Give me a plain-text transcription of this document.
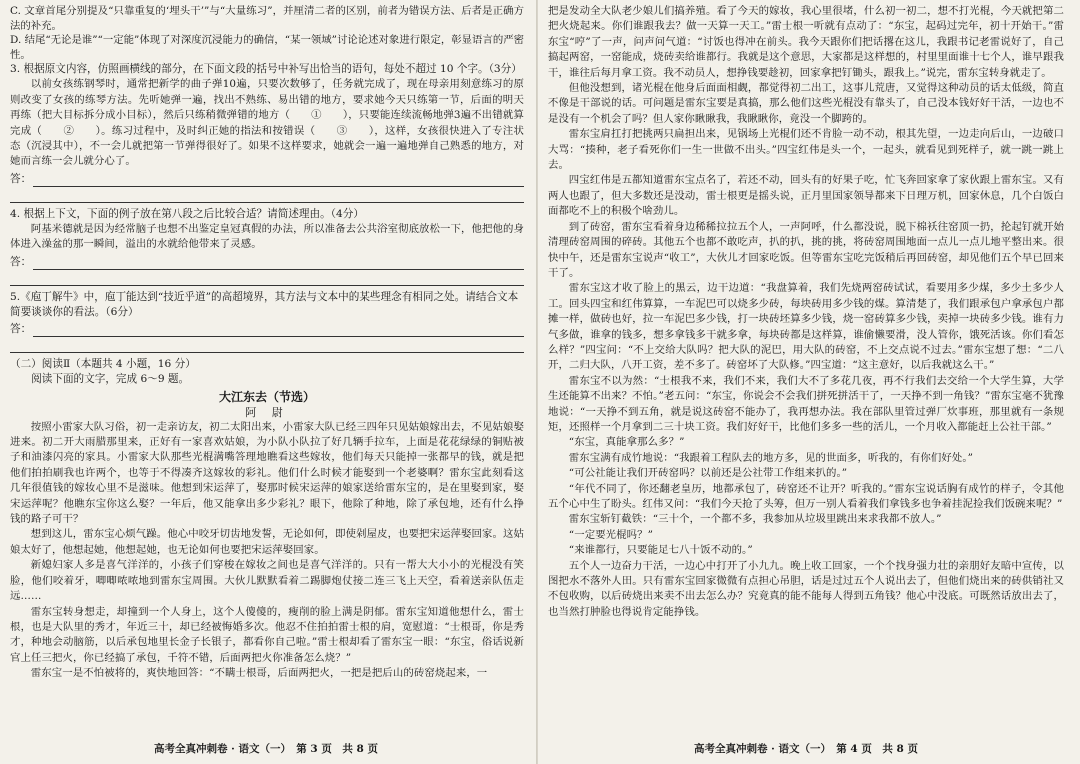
C. 文章首尾分别提及“只靠重复的‘埋头干’”与“大量练习”，并厘清二者的区别，前者为错误方法、后者是正确方法的补充。

D. 结尾“无论是谁”“一定能”体现了对深度沉浸能力的确信，“某一领域”讨论论述对象进行限定，彰显语言的严密性。

3. 根据原文内容，仿照画横线的部分，在下面文段的括号中补写出恰当的语句，每处不超过 10 个字。（3分）

以前女孩练钢琴时，通常把新学的曲子弹10遍，只要次数够了，任务就完成了，现在母亲用刻意练习的原则改变了女孩的练琴方法。先听她弹一遍，找出不熟练、易出错的地方，要求她今天只练第一节，后面的明天再练（把大目标拆分成小目标），然后只练稍微弹错的地方（　　①　　），只要能连续流畅地弹3遍不出错就算完成（　　②　　）。练习过程中，及时纠正她的指法和按错误（　　③　　），这样，女孩很快进入了专注状态（沉浸其中），不一会儿就把第一节弹得很好了。如果不这样要求，她就会一遍一遍地弹自己熟悉的地方，对她而言练一会儿就分心了。

答：

4. 根据上下文，下面的例子放在第八段之后比较合适？请简述理由。（4分）

阿基米德就是因为经常脑子也想不出鉴定皇冠真假的办法，所以准备去公共浴室彻底放松一下，他把他的身体进入澡盆的那一瞬间，溢出的水就给他带来了灵感。

答：

5.《庖丁解牛》中，庖丁能达到“技近乎道”的高超境界，其方法与文本中的某些理念有相同之处。请结合文本简要谈谈你的看法。（6分）

答：

（二）阅读Ⅱ（本题共 4 小题，16 分）

阅读下面的文字，完成 6～9 题。

大江东去（节选）

阿 尉

按照小雷家大队习俗，初一走亲访友，初二太阳出来，小雷家大队已经三四年只见姑娘嫁出去，不见姑娘娶进来。初二开大雨腊那里来，正好有一家喜欢姑娘，为小队小队拉了好几辆手拉车，上面是花花绿绿的铜贴被子和油漆闪亮的家具。小雷家大队那些光棍满嘴答理地瞧看这些嫁妆，他们每天只能掉一张都早的钱，就是把他们拍拍刷我也许两个，也等于不得凑齐这嫁妆的彩礼。他们什么时候才能娶到一个老婆啊？雷东宝此刻看这几年很值钱的嫁妆心里不是滋味。他想到宋运萍了，娶那时候宋运萍的娘家送给雷东宝的，是在里娶到家，娶宋运萍呢？他瞧东宝你这么娶？一年后，他又能拿出多少彩礼？眼下，他除了种地，除了承包地，还有什么挣钱的路子可干？

想到这儿，雷东宝心烦气躁。他心中咬牙切齿地发誓，无论如何，即使剁屋皮，也要把宋运萍娶回家。这姑娘太好了，他想起她，他想起她，也无论如何也要把宋运萍娶回家。

新媳妇家人多是喜气洋洋的，小孩子们穿梭在嫁妆之间也是喜气洋洋的。只有一帮大大小小的光棍没有笑脸，他们咬着牙，唧唧哝哝地到雷东宝周围。大伙儿默默看着二踢脚炮仗接二连三飞上天空，看着送亲队伍走远……

雷东宝转身想走，却撞到一个人身上，这个人傻傻的，瘦削的脸上满是阴郁。雷东宝知道他想什么，雷士根，也是大队里的秀才，年近三十，却已经被悔婚多次。他忍不住拍拍雷士根的肩，宽慰道：“士根哥，你是秀才，种地会动脑筋，以后承包地里长金子长银子，都看你自己啦。”雷士根却看了雷东宝一眼：“东宝，俗话说新官上任三把火，你已经搞了承包，千符不错，后面两把火你准备怎么烧？”

雷东宝一是不怕被将的，爽快地回答：“不瞒士根哥，后面两把火，一把是把后山的砖窑烧起来，一

高考全真冲刺卷 · 语文（一）　第 3 页　共 8 页

把是发动全大队老少娘儿们搞养殖。看了今天的嫁妆，我心里很堵，什么初一初二，想不打光棍，今天就把第二把火烧起来。你们谁跟我去？做一天算一天工。”雷士根一听就有点动了：“东宝，起码过完年，初十开始干。”雷东宝“哼”了一声，问声问气道：“讨饭也得冲在前头。我今天跟你们把话撂在这儿，我跟书记老雷说好了，自己搞起两窑，一窑能成，烧砖卖给谁都行。我就是这个意思，大家都是这样想的，村里里面谁十七个人，谁早跟我干，谁往后每月拿工资。我不动员人，想挣钱要趁初，回家拿把钉锄头，跟我上。”说完，雷东宝转身就走了。

但他没想到，诸光棍在他身后面面相觑，都觉得初二出工，这事儿荒唐，又觉得这种动员的话太低级，简直不像是干部说的话。可问题是雷东宝要是真搞，那么他们这些光棍没有靠头了，自己没本钱好好干活，一边也不是没有一个机会了吗？但人家你瞅瞅我，我瞅瞅你，竟没一个脚跨的。

雷东宝肩扛打把挑两只扁担出来，见锅场上光棍们还不肯脸一动不动，根其先望，一边走向后山，一边破口大骂：“揍种，老子看死你们一生一世做不出头。”四宝红伟是头一个，一起头，就看见到死样子，就一跳一跳上去。

四宝红伟是五都知道雷东宝点名了，若还不动，回头有的好果子吃，忙飞奔回家拿了家伙跟上雷东宝。又有两人也跟了，但大多数还是没动，雷士根更是摇头说，正月里国家领导都来下日理万机，回家休息，几个白饭白面都吃不上的积极个啥劲儿。

到了砖窑，雷东宝看着身边稀稀拉拉五个人，一声阿呼，什么都没说，脱下棉袄往窑顶一扔，抡起钉就开始清理砖窑周围的碎砖。其他五个也都不敢吃声，扒的扒，挑的挑，将砖窑周围地面一点儿一点儿地平整出来。很快中午，还是雷东宝说声“收工”，大伙儿才回家吃饭。但等雷东宝吃完饭稍后再回砖窑，却见他们五个早已回来干了。

雷东宝这才收了脸上的黑云，边干边道：“我盘算着，我们先烧两窑砖试试，看要用多少煤，多少土多少人工。回头四宝和红伟算算，一车泥巴可以烧多少砖，每块砖用多少钱的煤。算清楚了，我们跟承包户拿承包户都摊一样，做砖也好，拉一车泥巴多少钱，打一块砖坯算多少钱，烧一窑砖算多少钱，卖掉一块砖多少钱。谁有力气多做，谁拿的钱多，想多拿钱多干就多拿，每块砖都是这样算，谁偷懒要滑，没人管你，饿死活该。你们看怎么样？”四宝问：“不上交给大队吗？把大队的泥巴，用大队的砖窑，不上交点说不过去。”雷东宝想了想：“二八开，二归大队，八开工资，差不多了。砖窑坏了大队修。”四宝道：“这主意好，以后我就这么干。”

雷东宝不以为然：“士根我不来，我们不来，我们大不了多花几夜，再不行我们去交给一个大学生算，大学生还能算不出来？不怕。”老五问：“东宝，你说会不会我们拼死拼活干了，一天挣不到一角钱？”雷东宝毫不犹豫地说：“一天挣不到五角，就是说这砖窑不能办了，我再想办法。我在部队里管过弹厂炊事班，那里就有一条规矩，还照样一个月拿到二三十块工资。我们好好干，比他们多多一些的活儿，一个月收入都能赶上公社干部。”

“东宝，真能拿那么多？”

雷东宝满有成竹地说：“我跟着工程队去的地方多，见的世面多，听我的，有你们好处。”

“可公社能让我们开砖窑吗？以前还是公社带工作组来扒的。”

“年代不同了，你还翻老皇历，地都承包了，砖窑还不让开？听我的。”雷东宝说话胸有成竹的样子，令其他五个心中生了盼头。红伟又问：“我们今天抢了头筹，但万一别人看着我们拿钱多也争着挂泥捡我们饭碗来呢？”

雷东宝斩钉截铁：“三十个，一个都不多，我参加从垃圾里跳出来求我都不放人。”

“一定要光棍吗？”

“来谁都行，只要能足七八十饭不动的。”

五个人一边奋力干活，一边心中打开了小九九。晚上收工回家，一个个找身强力壮的亲朋好友暗中宣传，以图把水不落外人田。只有雷东宝回家微微有点担心吊胆，话是过过五个人说出去了，但他们烧出来的砖供销社又不包收购，以后砖烧出来卖不出去怎么办？究竟真的能不能每人得到五角钱？他心中没底。可既然话放出去了，也当然打肿脸也得说肯定能挣钱。

高考全真冲刺卷 · 语文（一）　第 4 页　共 8 页
